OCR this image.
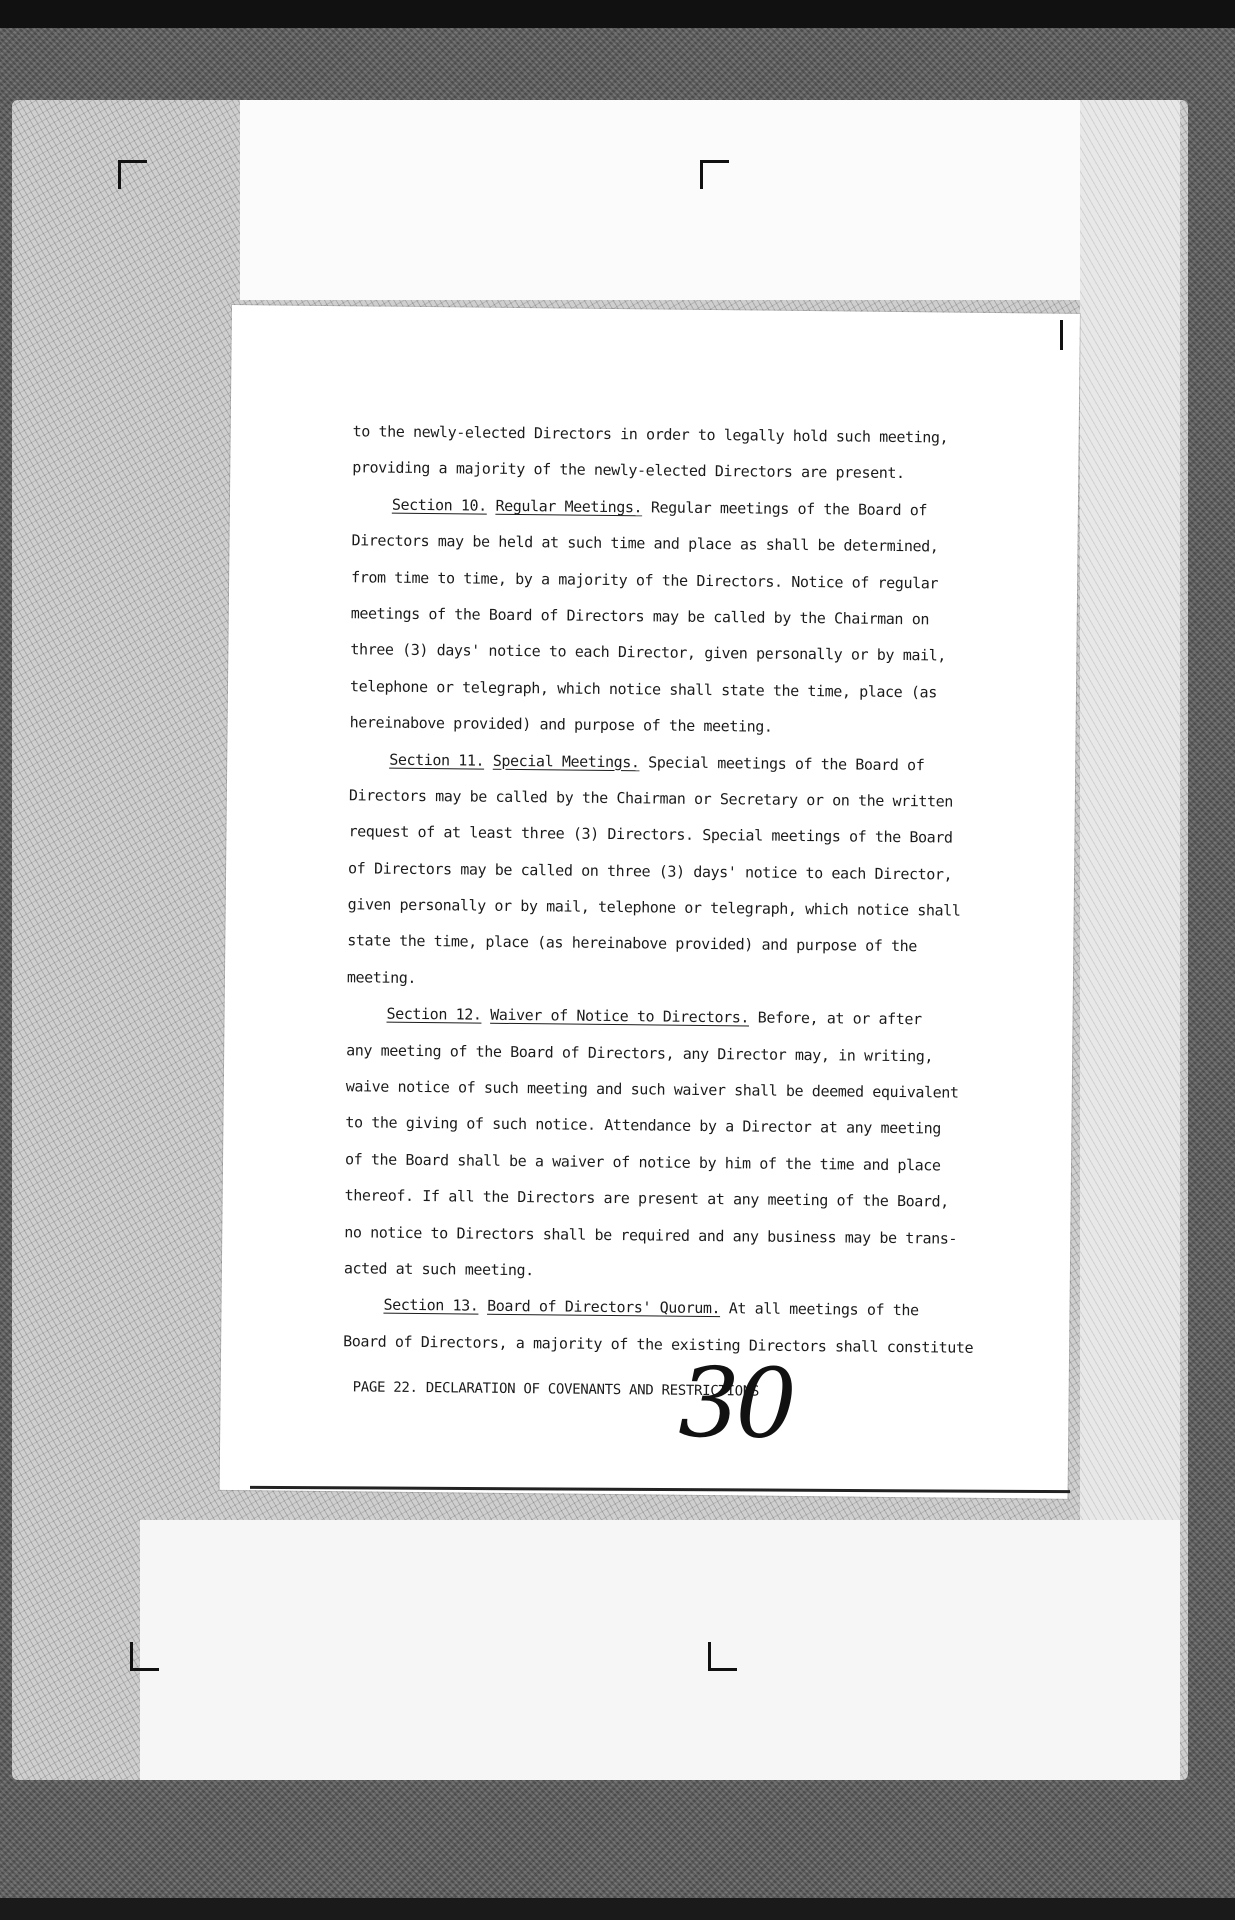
to the newly-elected Directors in order to legally hold such meeting,
providing a majority of the newly-elected Directors are present.
Section 10. Regular Meetings. Regular meetings of the Board of
Directors may be held at such time and place as shall be determined,
from time to time, by a majority of the Directors. Notice of regular
meetings of the Board of Directors may be called by the Chairman on
three (3) days' notice to each Director, given personally or by mail,
telephone or telegraph, which notice shall state the time, place (as
hereinabove provided) and purpose of the meeting.
Section 11. Special Meetings. Special meetings of the Board of
Directors may be called by the Chairman or Secretary or on the written
request of at least three (3) Directors. Special meetings of the Board
of Directors may be called on three (3) days' notice to each Director,
given personally or by mail, telephone or telegraph, which notice shall
state the time, place (as hereinabove provided) and purpose of the
meeting.
Section 12. Waiver of Notice to Directors. Before, at or after
any meeting of the Board of Directors, any Director may, in writing,
waive notice of such meeting and such waiver shall be deemed equivalent
to the giving of such notice. Attendance by a Director at any meeting
of the Board shall be a waiver of notice by him of the time and place
thereof. If all the Directors are present at any meeting of the Board,
no notice to Directors shall be required and any business may be trans-
acted at such meeting.
Section 13. Board of Directors' Quorum. At all meetings of the
Board of Directors, a majority of the existing Directors shall constitute
PAGE 22. DECLARATION OF COVENANTS AND RESTRICTIONS
30
